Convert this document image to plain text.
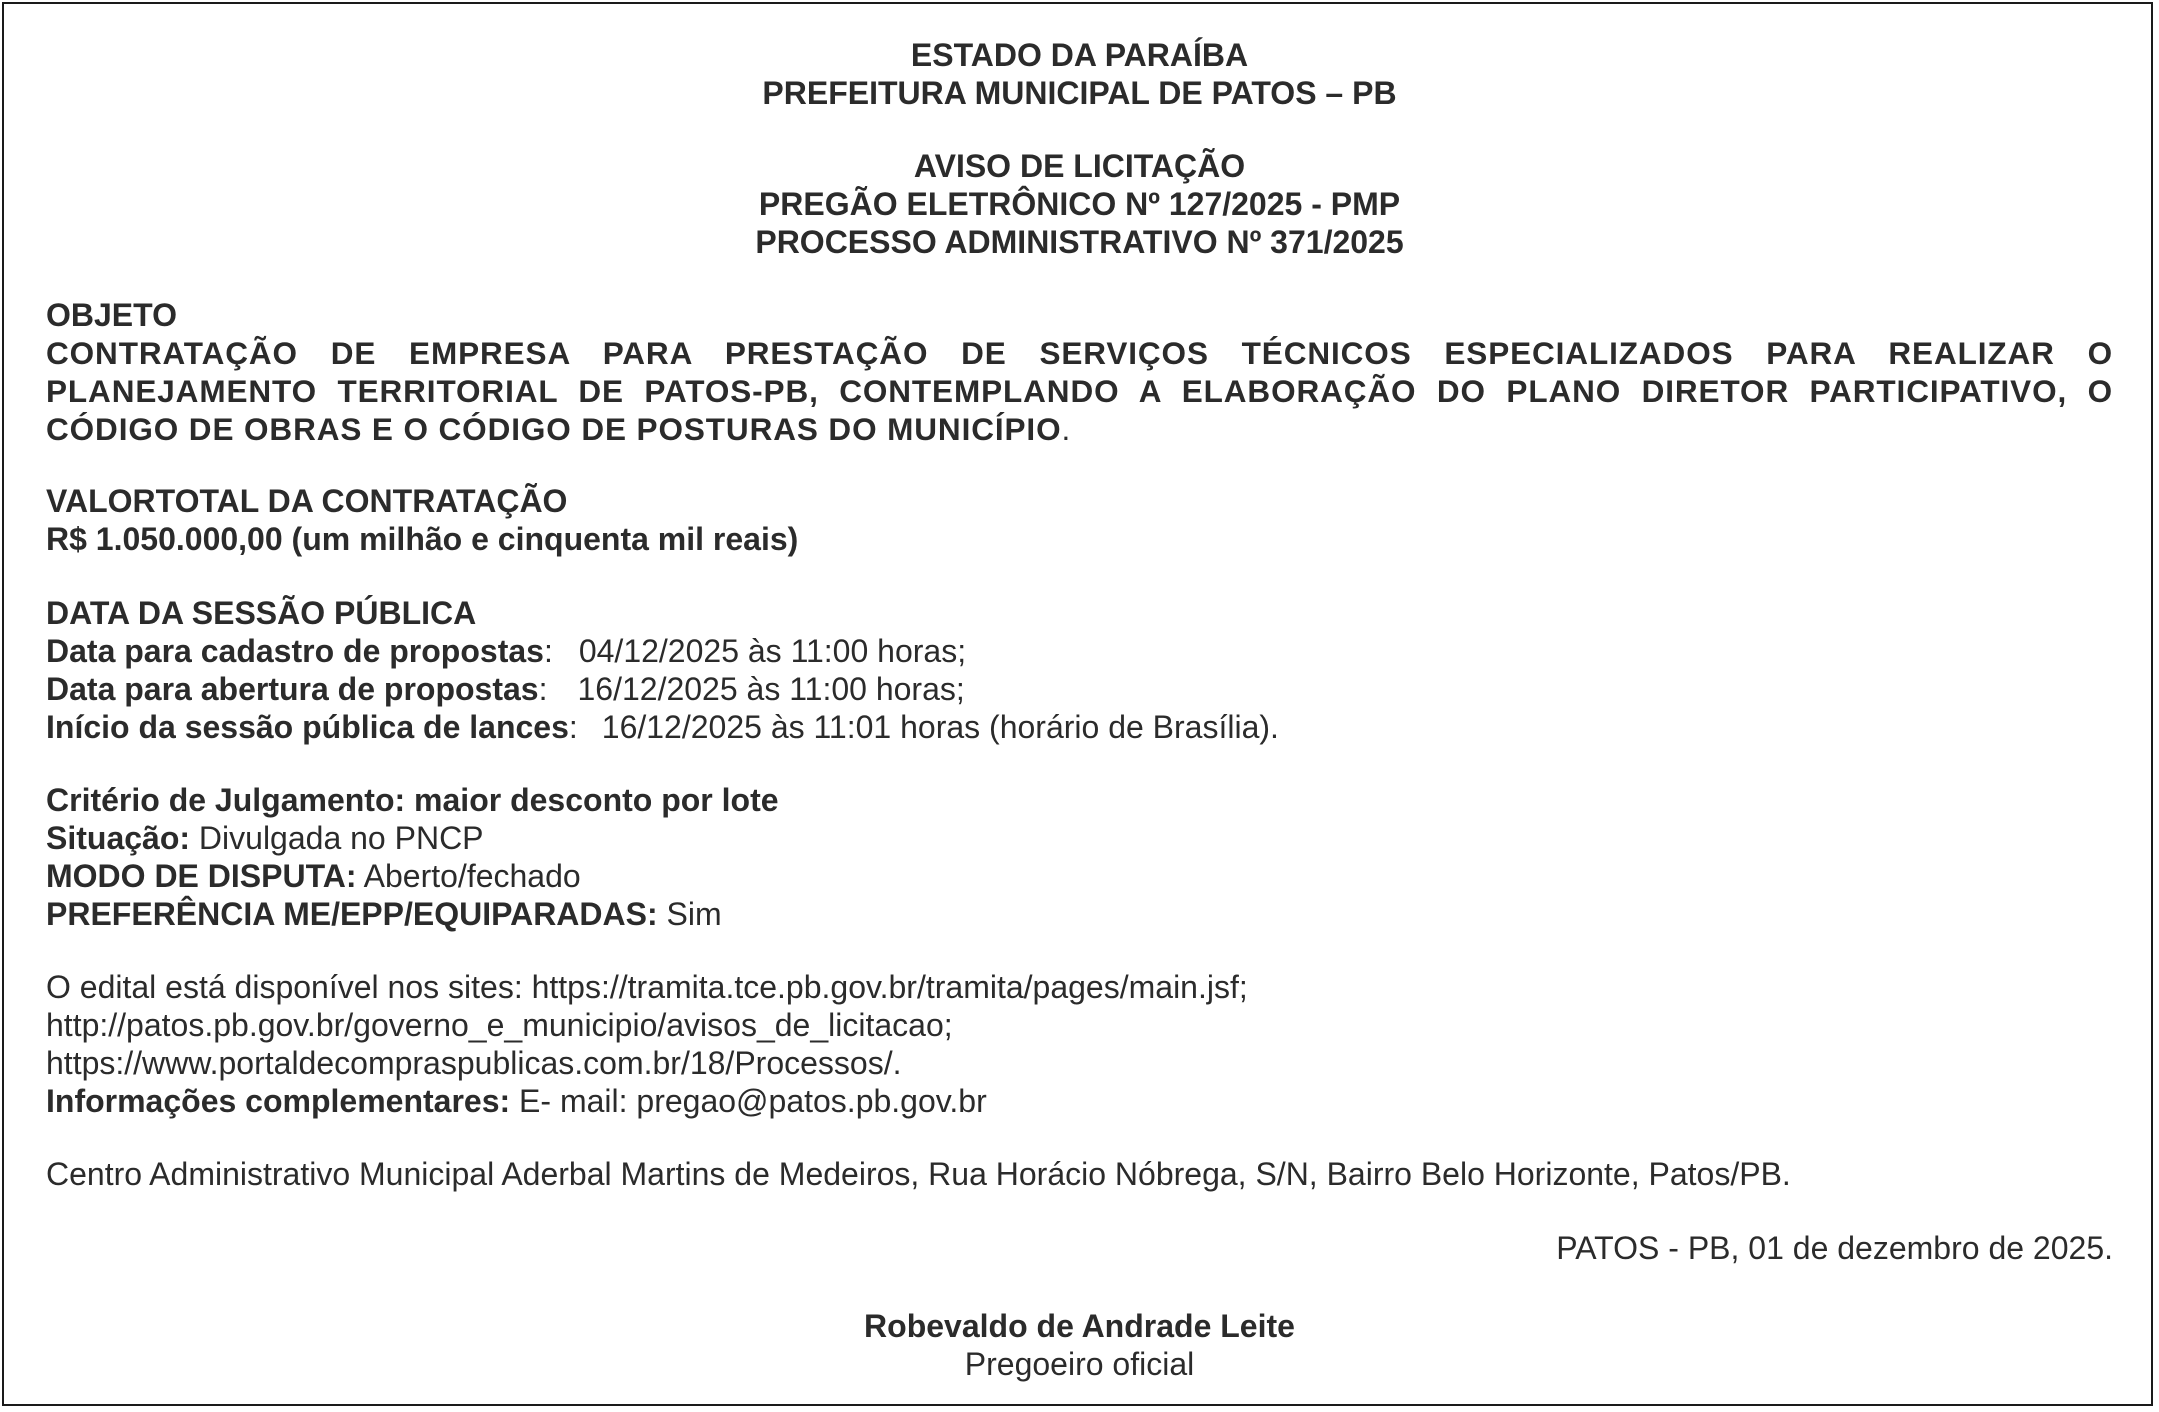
ESTADO DA PARAÍBA
PREFEITURA MUNICIPAL DE PATOS – PB
AVISO DE LICITAÇÃO
PREGÃO ELETRÔNICO Nº 127/2025 - PMP
PROCESSO ADMINISTRATIVO Nº 371/2025
OBJETO
CONTRATAÇÃO DE EMPRESA PARA PRESTAÇÃO DE SERVIÇOS TÉCNICOS ESPECIALIZADOS PARA REALIZAR O PLANEJAMENTO TERRITORIAL DE PATOS-PB, CONTEMPLANDO A ELABORAÇÃO DO PLANO DIRETOR PARTICIPATIVO, O CÓDIGO DE OBRAS E O CÓDIGO DE POSTURAS DO MUNICÍPIO.
VALORTOTAL DA CONTRATAÇÃO
R$ 1.050.000,00 (um milhão e cinquenta mil reais)
DATA DA SESSÃO PÚBLICA
Data para cadastro de propostas: 04/12/2025 às 11:00 horas;
Data para abertura de propostas: 16/12/2025 às 11:00 horas;
Início da sessão pública de lances: 16/12/2025 às 11:01 horas (horário de Brasília).
Critério de Julgamento: maior desconto por lote
Situação: Divulgada no PNCP
MODO DE DISPUTA: Aberto/fechado
PREFERÊNCIA ME/EPP/EQUIPARADAS: Sim
O edital está disponível nos sites: https://tramita.tce.pb.gov.br/tramita/pages/main.jsf;
http://patos.pb.gov.br/governo_e_municipio/avisos_de_licitacao;
https://www.portaldecompraspublicas.com.br/18/Processos/.
Informações complementares: E- mail: pregao@patos.pb.gov.br
Centro Administrativo Municipal Aderbal Martins de Medeiros, Rua Horácio Nóbrega, S/N, Bairro Belo Horizonte, Patos/PB.
PATOS - PB, 01 de dezembro de 2025.
Robevaldo de Andrade Leite
Pregoeiro oficial
